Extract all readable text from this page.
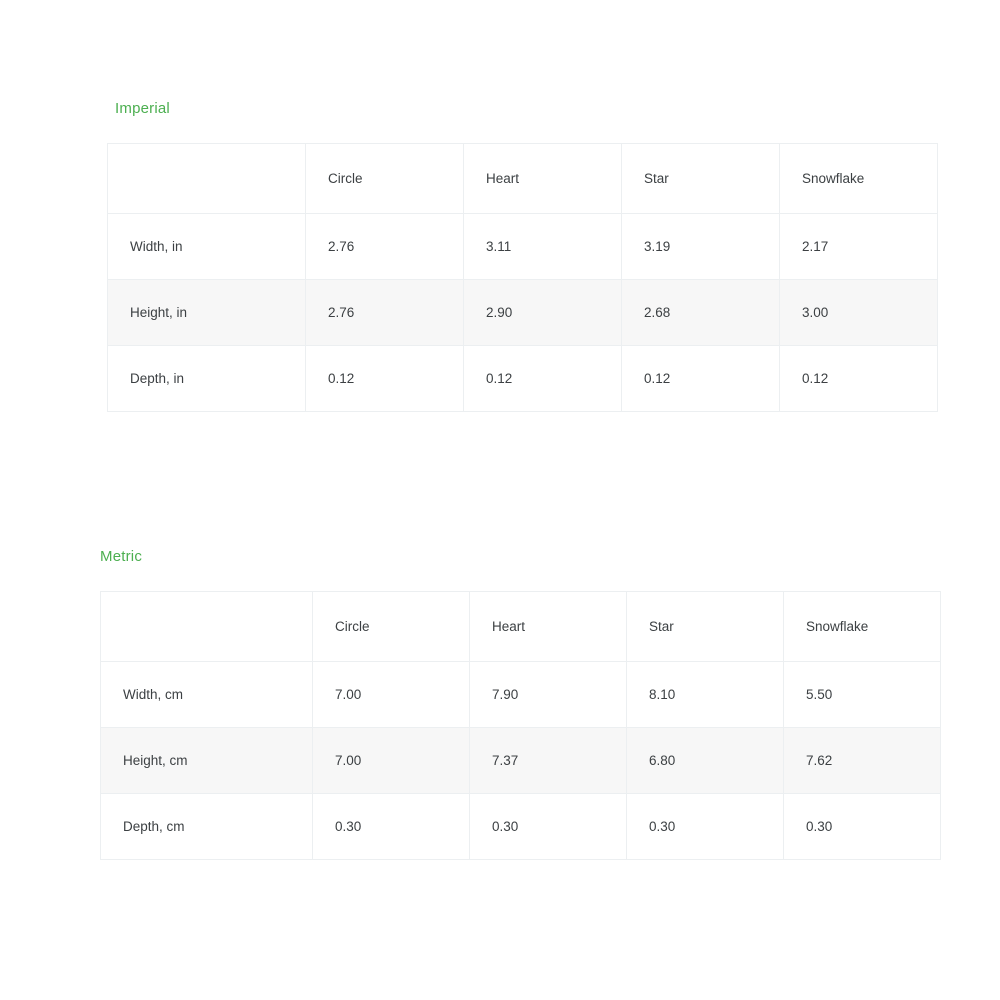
Imperial
	Circle	Heart	Star	Snowflake
Width, in	2.76	3.11	3.19	2.17
Height, in	2.76	2.90	2.68	3.00
Depth, in	0.12	0.12	0.12	0.12
Metric
	Circle	Heart	Star	Snowflake
Width, cm	7.00	7.90	8.10	5.50
Height, cm	7.00	7.37	6.80	7.62
Depth, cm	0.30	0.30	0.30	0.30
